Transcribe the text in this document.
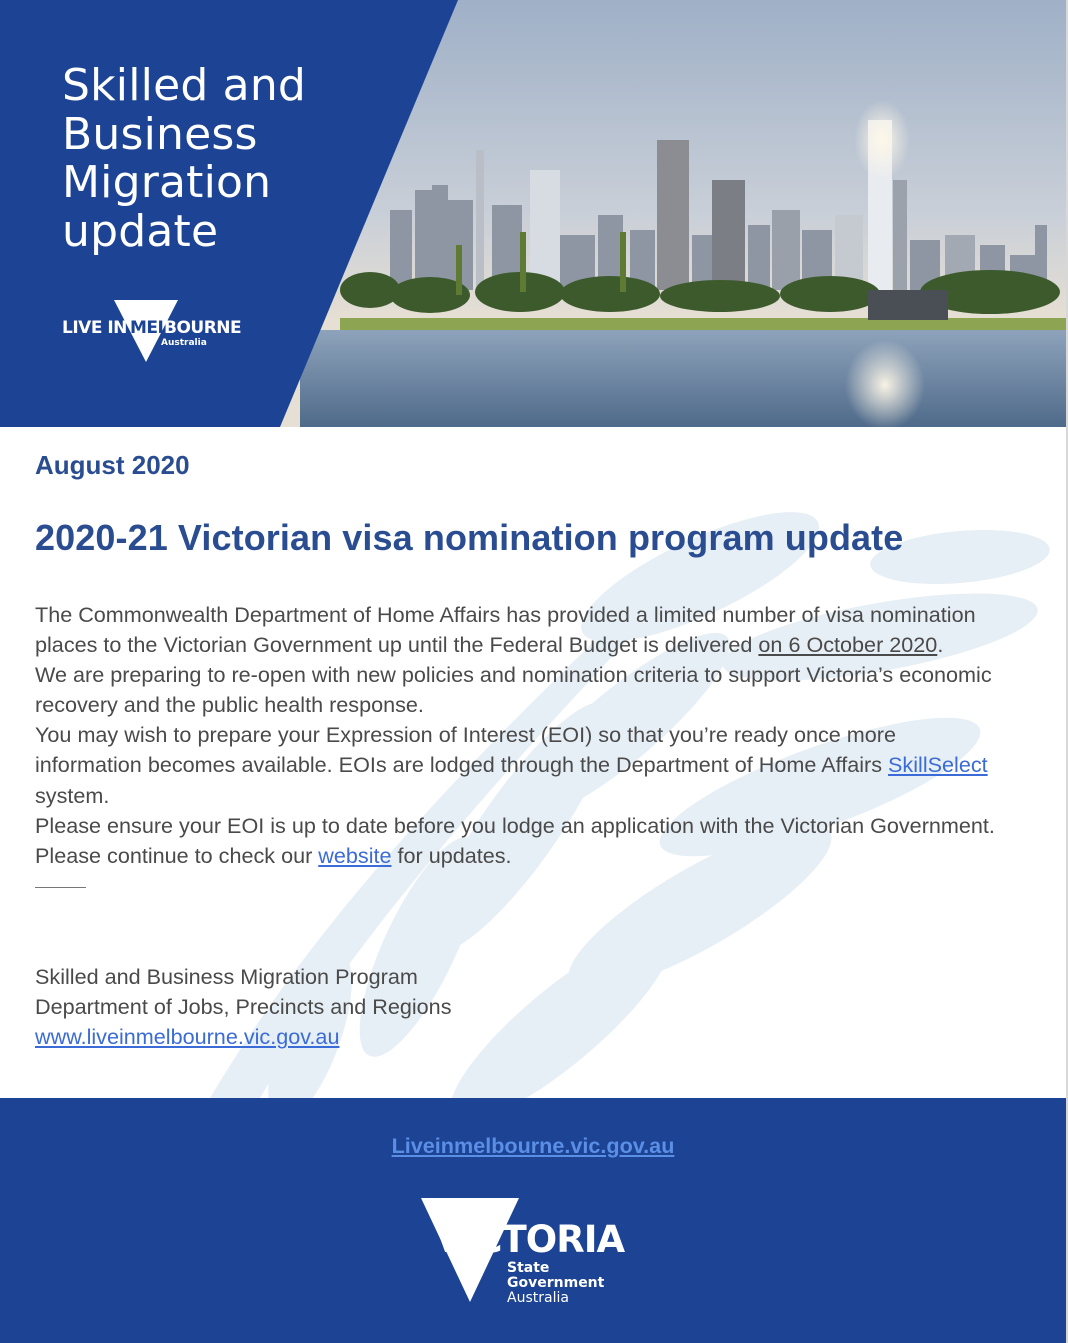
Skilled and Business Migration update
LIVE IN MEL
BOURNE
Australia
August 2020
2020-21 Victorian visa nomination program update

The Commonwealth Department of Home Affairs has provided a limited number of visa nomination places to the Victorian Government up until the Federal Budget is delivered on 6 October 2020.

We are preparing to re-open with new policies and nomination criteria to support Victoria’s economic recovery and the public health response.

You may wish to prepare your Expression of Interest (EOI) so that you’re ready once more information becomes available. EOIs are lodged through the Department of Home Affairs SkillSelect system.

Please ensure your EOI is up to date before you lodge an application with the Victorian Government.

Please continue to check our website for updates.

Skilled and Business Migration Program
Department of Jobs, Precincts and Regions
www.liveinmelbourne.vic.gov.au
Liveinmelbourne.vic.gov.au
VICTORIA
State
Government
Australia
